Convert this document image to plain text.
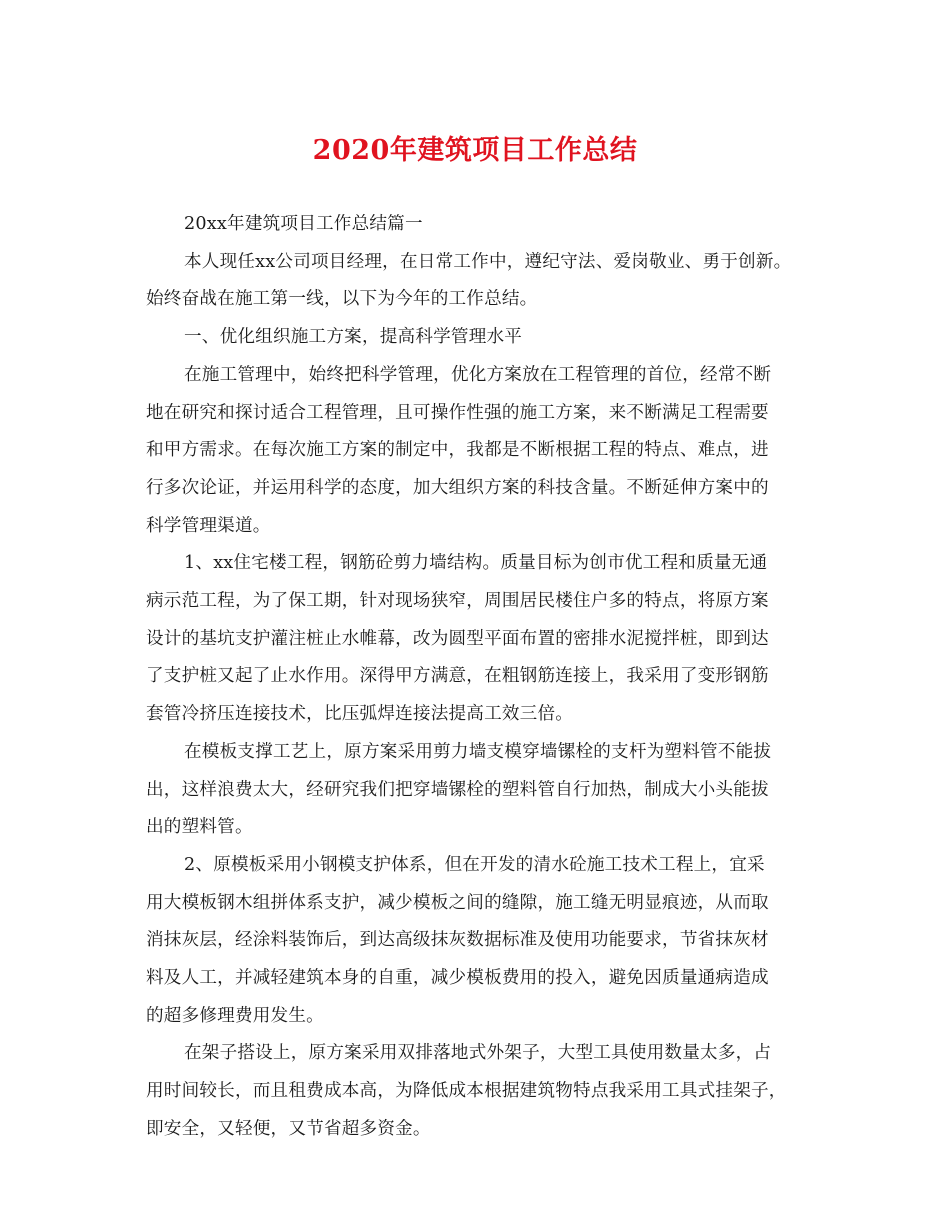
2020年建筑项目工作总结
20xx年建筑项目工作总结篇一
本人现任xx公司项目经理，在日常工作中，遵纪守法、爱岗敬业、勇于创新。
始终奋战在施工第一线，以下为今年的工作总结。
一、优化组织施工方案，提高科学管理水平
在施工管理中，始终把科学管理，优化方案放在工程管理的首位，经常不断
地在研究和探讨适合工程管理，且可操作性强的施工方案，来不断满足工程需要
和甲方需求。在每次施工方案的制定中，我都是不断根据工程的特点、难点，进
行多次论证，并运用科学的态度，加大组织方案的科技含量。不断延伸方案中的
科学管理渠道。
1、xx住宅楼工程，钢筋砼剪力墙结构。质量目标为创市优工程和质量无通
病示范工程，为了保工期，针对现场狭窄，周围居民楼住户多的特点，将原方案
设计的基坑支护灌注桩止水帷幕，改为圆型平面布置的密排水泥搅拌桩，即到达
了支护桩又起了止水作用。深得甲方满意，在粗钢筋连接上，我采用了变形钢筋
套管冷挤压连接技术，比压弧焊连接法提高工效三倍。
在模板支撑工艺上，原方案采用剪力墙支模穿墙镙栓的支杆为塑料管不能拔
出，这样浪费太大，经研究我们把穿墙镙栓的塑料管自行加热，制成大小头能拔
出的塑料管。
2、原模板采用小钢模支护体系，但在开发的清水砼施工技术工程上，宜采
用大模板钢木组拼体系支护，减少模板之间的缝隙，施工缝无明显痕迹，从而取
消抹灰层，经涂料装饰后，到达高级抹灰数据标准及使用功能要求，节省抹灰材
料及人工，并减轻建筑本身的自重，减少模板费用的投入，避免因质量通病造成
的超多修理费用发生。
在架子搭设上，原方案采用双排落地式外架子，大型工具使用数量太多，占
用时间较长，而且租费成本高，为降低成本根据建筑物特点我采用工具式挂架子，
即安全，又轻便，又节省超多资金。
